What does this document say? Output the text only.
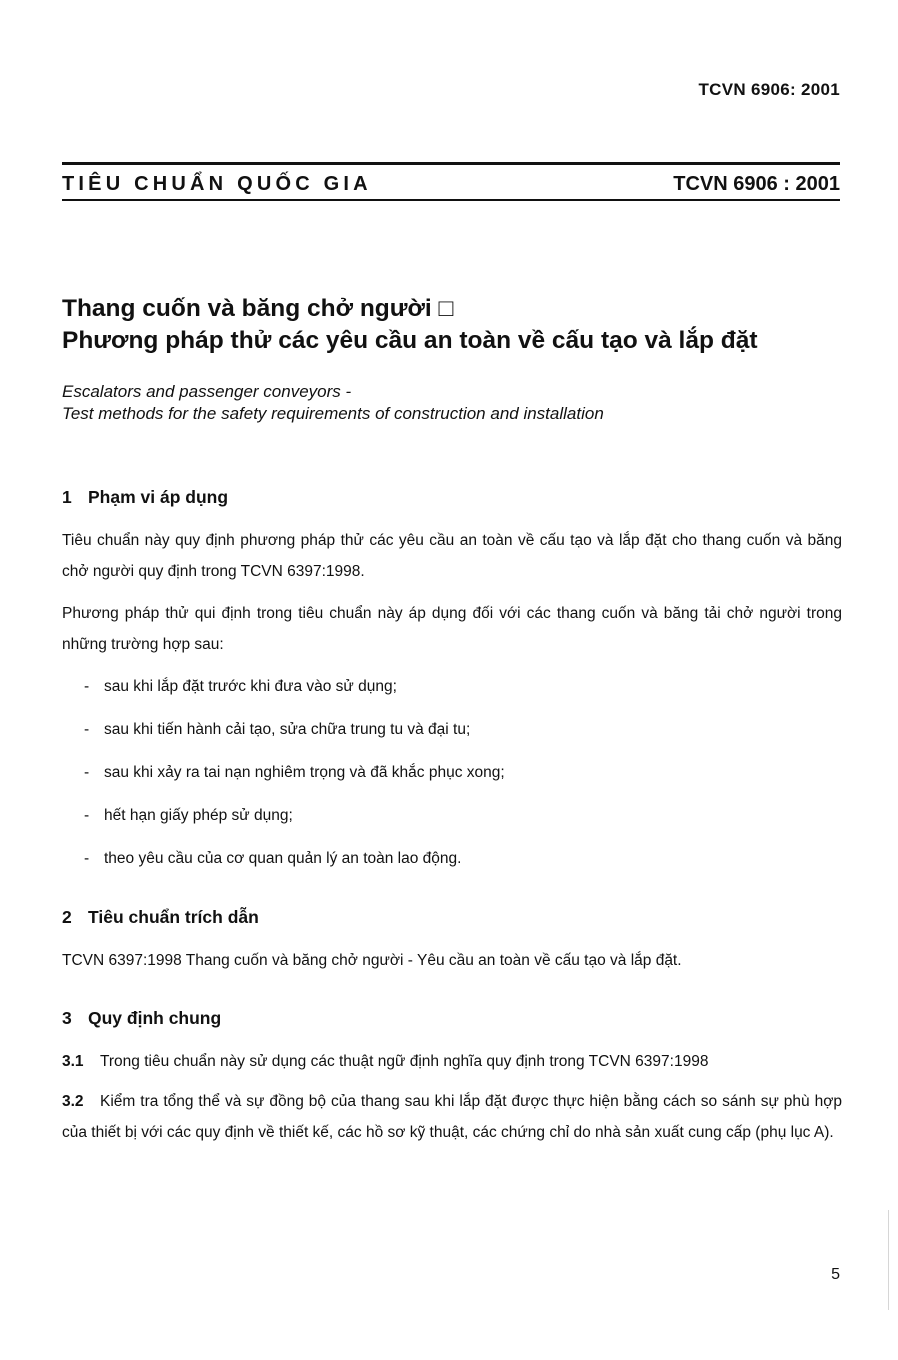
TCVN 6906: 2001
TIÊU CHUẨN QUỐC GIA	TCVN 6906 : 2001
Thang cuốn và băng chở người □
Phương pháp thử các yêu cầu an toàn về cấu tạo và lắp đặt
Escalators and passenger conveyors -
Test methods for the safety requirements of construction and installation
1 Phạm vi áp dụng
Tiêu chuẩn này quy định phương pháp thử các yêu cầu an toàn về cấu tạo và lắp đặt cho thang cuốn và băng chở người quy định trong TCVN 6397:1998.
Phương pháp thử qui định trong tiêu chuẩn này áp dụng đối với các thang cuốn và băng tải chở người trong những trường hợp sau:
- sau khi lắp đặt trước khi đưa vào sử dụng;
- sau khi tiến hành cải tạo, sửa chữa trung tu và đại tu;
- sau khi xảy ra tai nạn nghiêm trọng và đã khắc phục xong;
- hết hạn giấy phép sử dụng;
- theo yêu cầu của cơ quan quản lý an toàn lao động.
2 Tiêu chuẩn trích dẫn
TCVN 6397:1998 Thang cuốn và băng chở người - Yêu cầu an toàn về cấu tạo và lắp đặt.
3 Quy định chung
3.1 Trong tiêu chuẩn này sử dụng các thuật ngữ định nghĩa quy định trong TCVN 6397:1998
3.2 Kiểm tra tổng thể và sự đồng bộ của thang sau khi lắp đặt được thực hiện bằng cách so sánh sự phù hợp của thiết bị với các quy định về thiết kế, các hồ sơ kỹ thuật, các chứng chỉ do nhà sản xuất cung cấp (phụ lục A).
5
